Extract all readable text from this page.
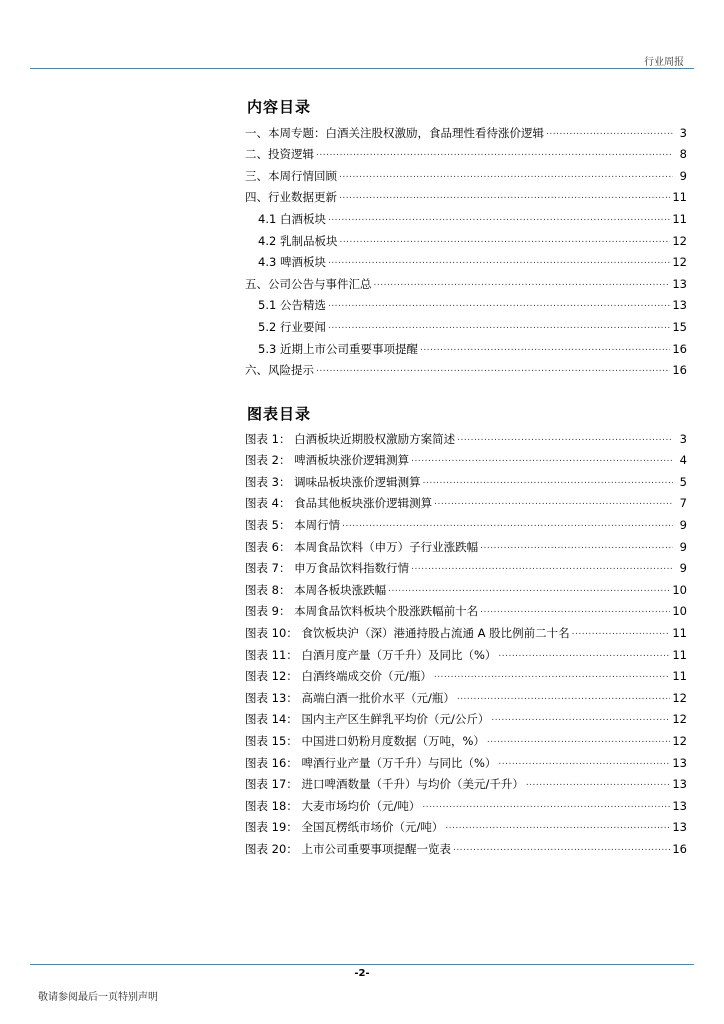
行业周报
内容目录
一、本周专题：白酒关注股权激励，食品理性看待涨价逻辑 .....	3
二、投资逻辑 .....	8
三、本周行情回顾 .....	9
四、行业数据更新 .....	11
4.1 白酒板块 .....	11
4.2 乳制品板块 .....	12
4.3 啤酒板块 .....	12
五、公司公告与事件汇总 .....	13
5.1 公告精选 .....	13
5.2 行业要闻 .....	15
5.3 近期上市公司重要事项提醒 .....	16
六、风险提示 .....	16
图表目录
图表 1： 白酒板块近期股权激励方案简述 .....	3
图表 2： 啤酒板块涨价逻辑测算 .....	4
图表 3： 调味品板块涨价逻辑测算 .....	5
图表 4： 食品其他板块涨价逻辑测算 .....	7
图表 5： 本周行情 .....	9
图表 6： 本周食品饮料（申万）子行业涨跌幅 .....	9
图表 7： 申万食品饮料指数行情 .....	9
图表 8： 本周各板块涨跌幅 .....	10
图表 9： 本周食品饮料板块个股涨跌幅前十名 .....	10
图表 10： 食饮板块沪（深）港通持股占流通 A 股比例前二十名 .....	11
图表 11： 白酒月度产量（万千升）及同比（%） .....	11
图表 12： 白酒终端成交价（元/瓶） .....	11
图表 13： 高端白酒一批价水平（元/瓶） .....	12
图表 14： 国内主产区生鲜乳平均价（元/公斤） .....	12
图表 15： 中国进口奶粉月度数据（万吨，%） .....	12
图表 16： 啤酒行业产量（万千升）与同比（%） .....	13
图表 17： 进口啤酒数量（千升）与均价（美元/千升） .....	13
图表 18： 大麦市场均价（元/吨） .....	13
图表 19： 全国瓦楞纸市场价（元/吨） .....	13
图表 20： 上市公司重要事项提醒一览表 .....	16
-2-
敬请参阅最后一页特别声明
